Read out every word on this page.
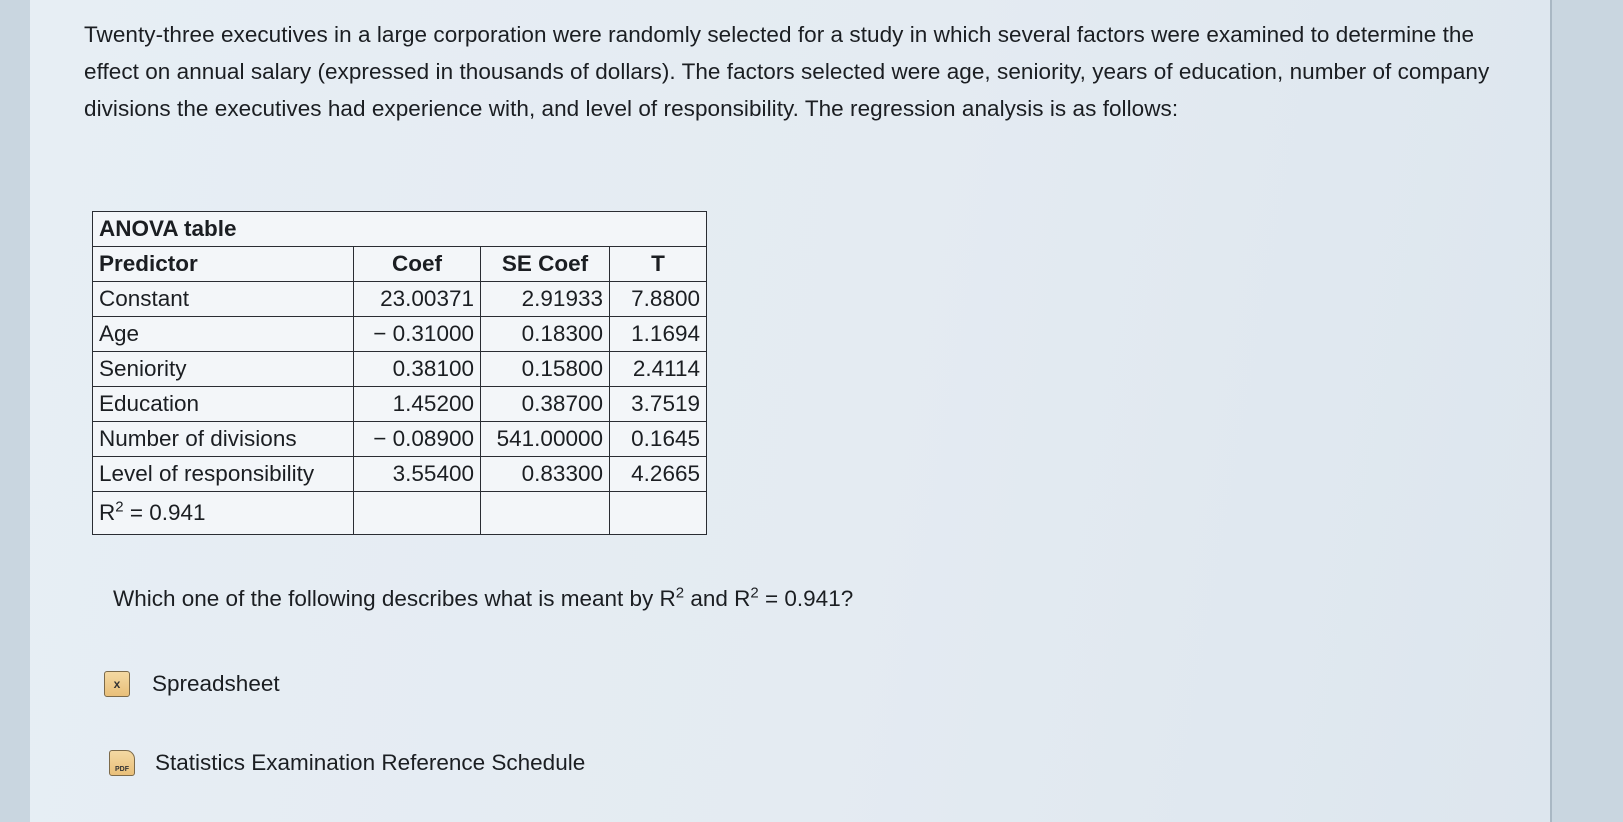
Twenty-three executives in a large corporation were randomly selected for a study in which several factors were examined to determine the effect on annual salary (expressed in thousands of dollars). The factors selected were age, seniority, years of education, number of company divisions the executives had experience with, and level of responsibility. The regression analysis is as follows:

ANOVA table			
Predictor	Coef	SE Coef	T
Constant	23.00371	2.91933	7.8800
Age	− 0.31000	0.18300	1.1694
Seniority	0.38100	0.15800	2.4114
Education	1.45200	0.38700	3.7519
Number of divisions	− 0.08900	541.00000	0.1645
Level of responsibility	3.55400	0.83300	4.2665
$R^2 = 0.941$			

Which one of the following describes what is meant by $R^2$ and $R^2 = 0.941$?

x	Spreadsheet
PDF Statistics Examination Reference Schedule
